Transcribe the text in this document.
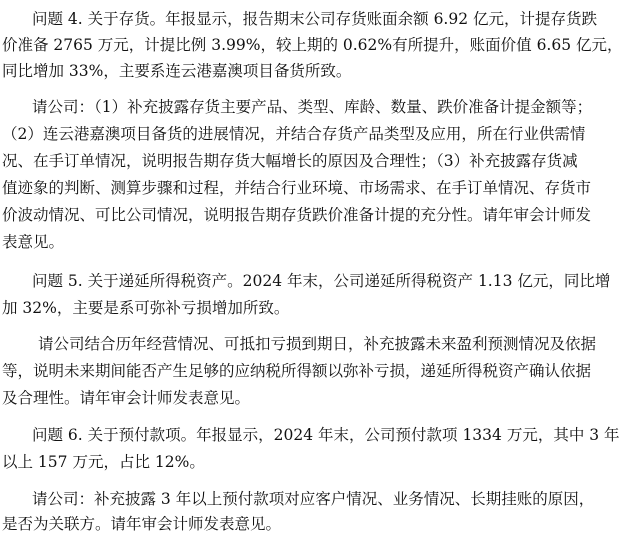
问题 4. 关于存货。年报显示，报告期末公司存货账面余额 6.92 亿元，计提存货跌
价准备 2765 万元，计提比例 3.99%，较上期的 0.62%有所提升，账面价值 6.65 亿元，
同比增加 33%，主要系连云港嘉澳项目备货所致。
请公司：（1）补充披露存货主要产品、类型、库龄、数量、跌价准备计提金额等；
（2）连云港嘉澳项目备货的进展情况，并结合存货产品类型及应用，所在行业供需情
况、在手订单情况，说明报告期存货大幅增长的原因及合理性；（3）补充披露存货减
值迹象的判断、测算步骤和过程，并结合行业环境、市场需求、在手订单情况、存货市
价波动情况、可比公司情况，说明报告期存货跌价准备计提的充分性。请年审会计师发
表意见。
问题 5. 关于递延所得税资产。2024 年末，公司递延所得税资产 1.13 亿元，同比增
加 32%，主要是系可弥补亏损增加所致。
请公司结合历年经营情况、可抵扣亏损到期日，补充披露未来盈利预测情况及依据
等，说明未来期间能否产生足够的应纳税所得额以弥补亏损，递延所得税资产确认依据
及合理性。请年审会计师发表意见。
问题 6. 关于预付款项。年报显示，2024 年末，公司预付款项 1334 万元，其中 3 年
以上 157 万元，占比 12%。
请公司：补充披露 3 年以上预付款项对应客户情况、业务情况、长期挂账的原因，
是否为关联方。请年审会计师发表意见。
